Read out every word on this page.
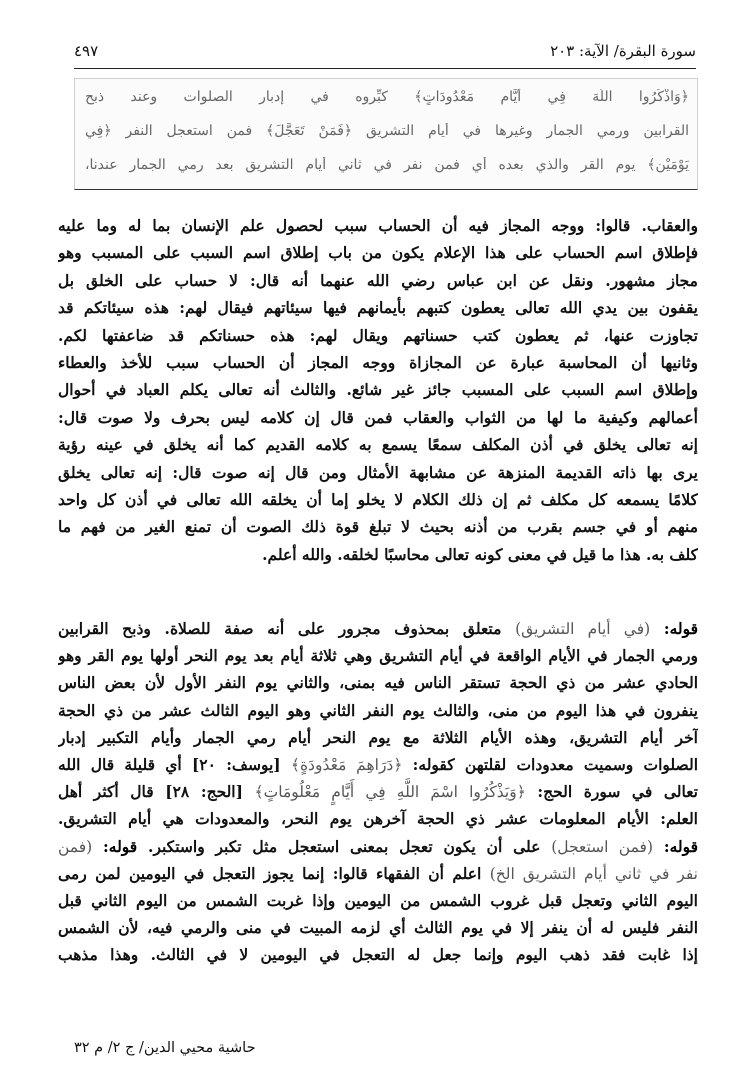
٤٩٧	سورة البقرة/ الآية: ٢٠٣
﴿وَاذْكُرُوا اللَّهَ فِي أَيَّامٍ مَعْدُودَاتٍ﴾ كبِّروه في إدبار الصلوات وعند ذبح
القرابين ورمي الجمار وغيرها في أيام التشريق ﴿فَمَنْ تَعَجَّلَ﴾ فمن استعجل النفر ﴿فِي
يَوْمَيْنِ﴾ يوم القر والذي بعده أي فمن نفر في ثاني أيام التشريق بعد رمي الجمار عندنا،
والعقاب. قالوا: ووجه المجاز فيه أن الحساب سبب لحصول علم الإنسان بما له وما عليه
فإطلاق اسم الحساب على هذا الإعلام يكون من باب إطلاق اسم السبب على المسبب وهو
مجاز مشهور. ونقل عن ابن عباس رضي الله عنهما أنه قال: لا حساب على الخلق بل
يقفون بين يدي الله تعالى يعطون كتبهم بأيمانهم فيها سيئاتهم فيقال لهم: هذه سيئاتكم قد
تجاوزت عنها، ثم يعطون كتب حسناتهم ويقال لهم: هذه حسناتكم قد ضاعفتها لكم.
وثانيها أن المحاسبة عبارة عن المجازاة ووجه المجاز أن الحساب سبب للأخذ والعطاء
وإطلاق اسم السبب على المسبب جائز غير شائع. والثالث أنه تعالى يكلم العباد في أحوال
أعمالهم وكيفية ما لها من الثواب والعقاب فمن قال إن كلامه ليس بحرف ولا صوت قال:
إنه تعالى يخلق في أذن المكلف سمعًا يسمع به كلامه القديم كما أنه يخلق في عينه رؤية
يرى بها ذاته القديمة المنزهة عن مشابهة الأمثال ومن قال إنه صوت قال: إنه تعالى يخلق
كلامًا يسمعه كل مكلف ثم إن ذلك الكلام لا يخلو إما أن يخلقه الله تعالى في أذن كل واحد
منهم أو في جسم بقرب من أذنه بحيث لا تبلغ قوة ذلك الصوت أن تمنع الغير من فهم ما
كلف به. هذا ما قيل في معنى كونه تعالى محاسبًا لخلقه. والله أعلم.
قوله: (في أيام التشريق) متعلق بمحذوف مجرور على أنه صفة للصلاة. وذبح القرابين
ورمي الجمار في الأيام الواقعة في أيام التشريق وهي ثلاثة أيام بعد يوم النحر أولها يوم القر وهو
الحادي عشر من ذي الحجة تستقر الناس فيه بمنى، والثاني يوم النفر الأول لأن بعض الناس
ينفرون في هذا اليوم من منى، والثالث يوم النفر الثاني وهو اليوم الثالث عشر من ذي الحجة
آخر أيام التشريق، وهذه الأيام الثلاثة مع يوم النحر أيام رمي الجمار وأيام التكبير إدبار
الصلوات وسميت معدودات لقلتهن كقوله: ﴿دَرَاهِمَ مَعْدُودَةٍ﴾ [يوسف: ٢٠] أي قليلة قال الله
تعالى في سورة الحج: ﴿وَيَذْكُرُوا اسْمَ اللَّهِ فِي أَيَّامٍ مَعْلُومَاتٍ﴾ [الحج: ٢٨] قال أكثر أهل
العلم: الأيام المعلومات عشر ذي الحجة آخرهن يوم النحر، والمعدودات هي أيام التشريق.
قوله: (فمن استعجل) على أن يكون تعجل بمعنى استعجل مثل تكبر واستكبر. قوله: (فمن
نفر في ثاني أيام التشريق الخ) اعلم أن الفقهاء قالوا: إنما يجوز التعجل في اليومين لمن رمى
اليوم الثاني وتعجل قبل غروب الشمس من اليومين وإذا غربت الشمس من اليوم الثاني قبل
النفر فليس له أن ينفر إلا في يوم الثالث أي لزمه المبيت في منى والرمي فيه، لأن الشمس
إذا غابت فقد ذهب اليوم وإنما جعل له التعجل في اليومين لا في الثالث. وهذا مذهب
حاشية محيي الدين/ ج ٢/ م ٣٢
